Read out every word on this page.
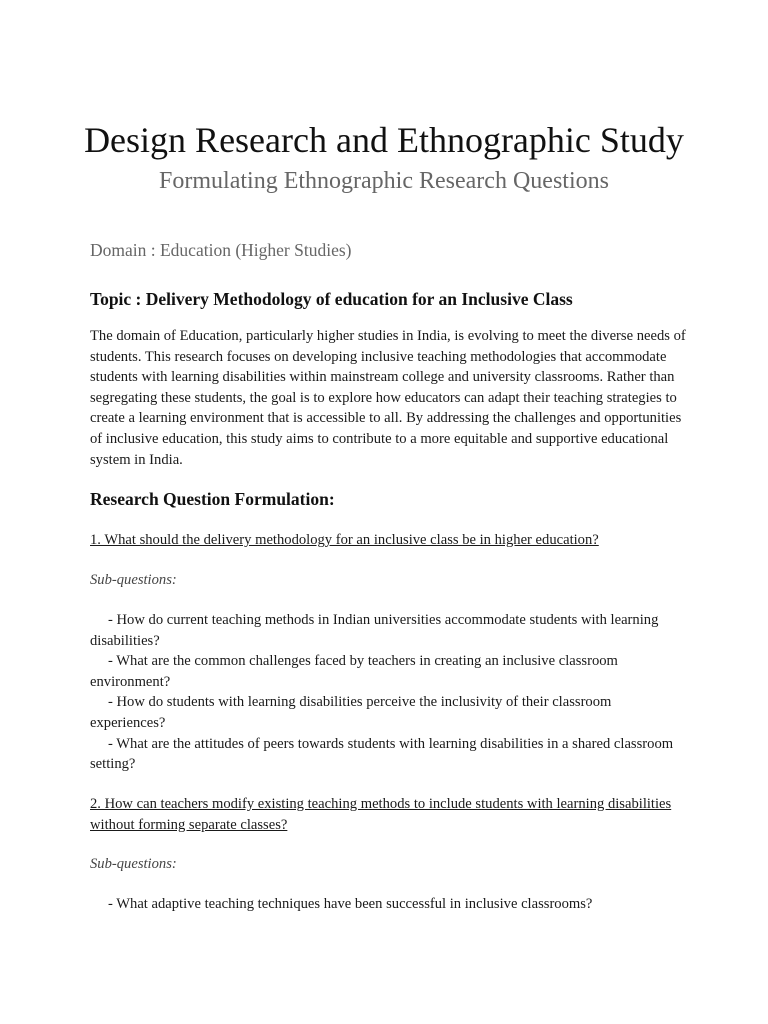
Design Research and Ethnographic Study
Formulating Ethnographic Research Questions

Domain : Education (Higher Studies)

Topic : Delivery Methodology of education for an Inclusive Class

The domain of Education, particularly higher studies in India, is evolving to meet the diverse needs of students. This research focuses on developing inclusive teaching methodologies that accommodate students with learning disabilities within mainstream college and university classrooms. Rather than segregating these students, the goal is to explore how educators can adapt their teaching strategies to create a learning environment that is accessible to all. By addressing the challenges and opportunities of inclusive education, this study aims to contribute to a more equitable and supportive educational system in India.

Research Question Formulation:

1. What should the delivery methodology for an inclusive class be in higher education?

Sub-questions:

- How do current teaching methods in Indian universities accommodate students with learning disabilities?
- What are the common challenges faced by teachers in creating an inclusive classroom environment?
- How do students with learning disabilities perceive the inclusivity of their classroom experiences?
- What are the attitudes of peers towards students with learning disabilities in a shared classroom setting?

2. How can teachers modify existing teaching methods to include students with learning disabilities without forming separate classes?

Sub-questions:

- What adaptive teaching techniques have been successful in inclusive classrooms?
